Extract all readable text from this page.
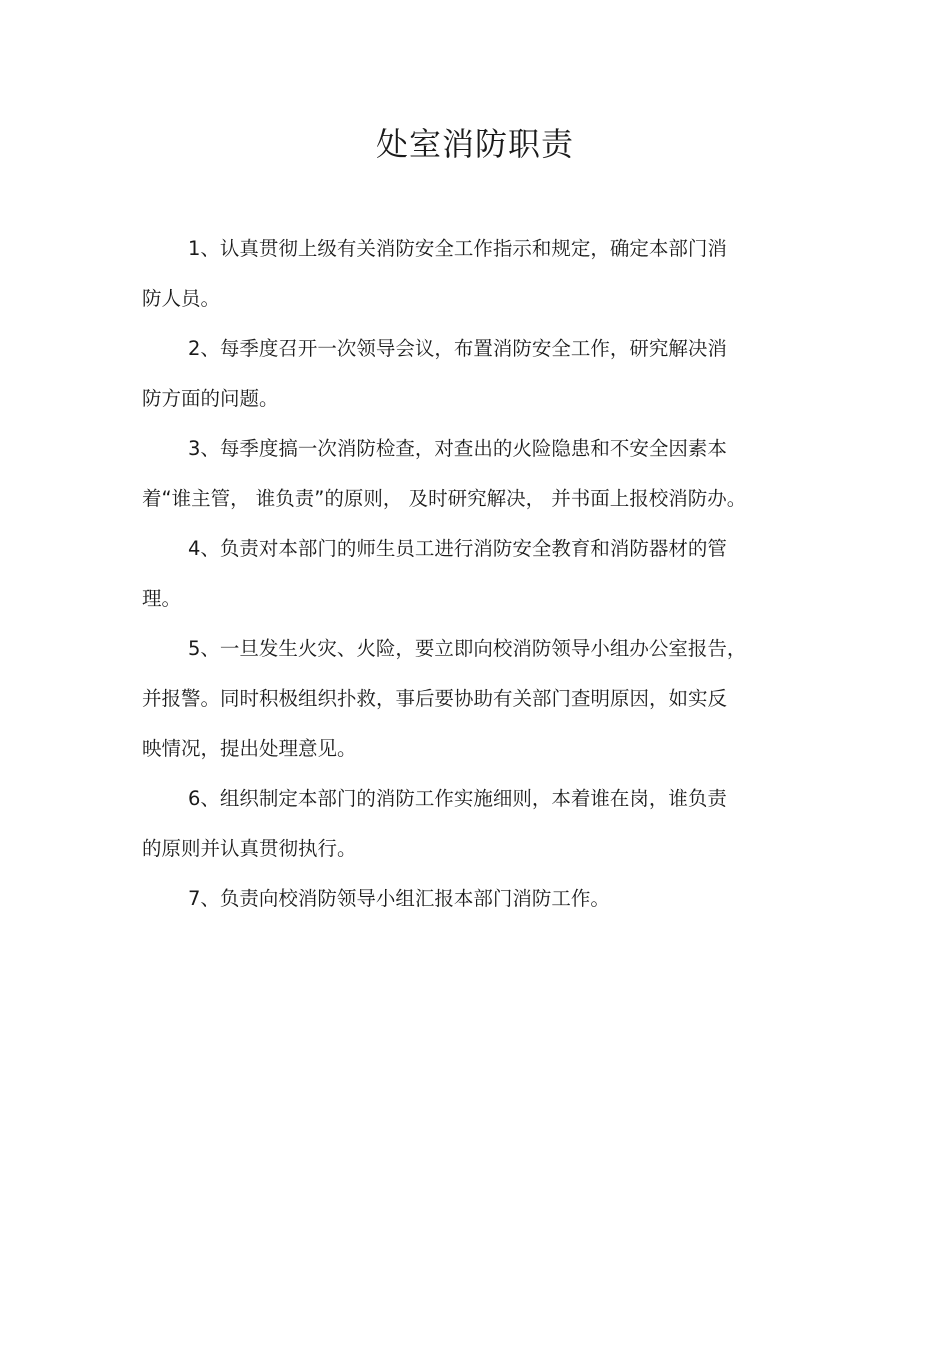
处室消防职责
1、认真贯彻上级有关消防安全工作指示和规定，确定本部门消
防人员。
2、每季度召开一次领导会议，布置消防安全工作，研究解决消
防方面的问题。
3、每季度搞一次消防检查，对查出的火险隐患和不安全因素本
着“谁主管， 谁负责”的原则， 及时研究解决， 并书面上报校消防办。
4、负责对本部门的师生员工进行消防安全教育和消防器材的管
理。
5、一旦发生火灾、火险，要立即向校消防领导小组办公室报告，
并报警。同时积极组织扑救，事后要协助有关部门查明原因，如实反
映情况，提出处理意见。
6、组织制定本部门的消防工作实施细则，本着谁在岗，谁负责
的原则并认真贯彻执行。
7、负责向校消防领导小组汇报本部门消防工作。
